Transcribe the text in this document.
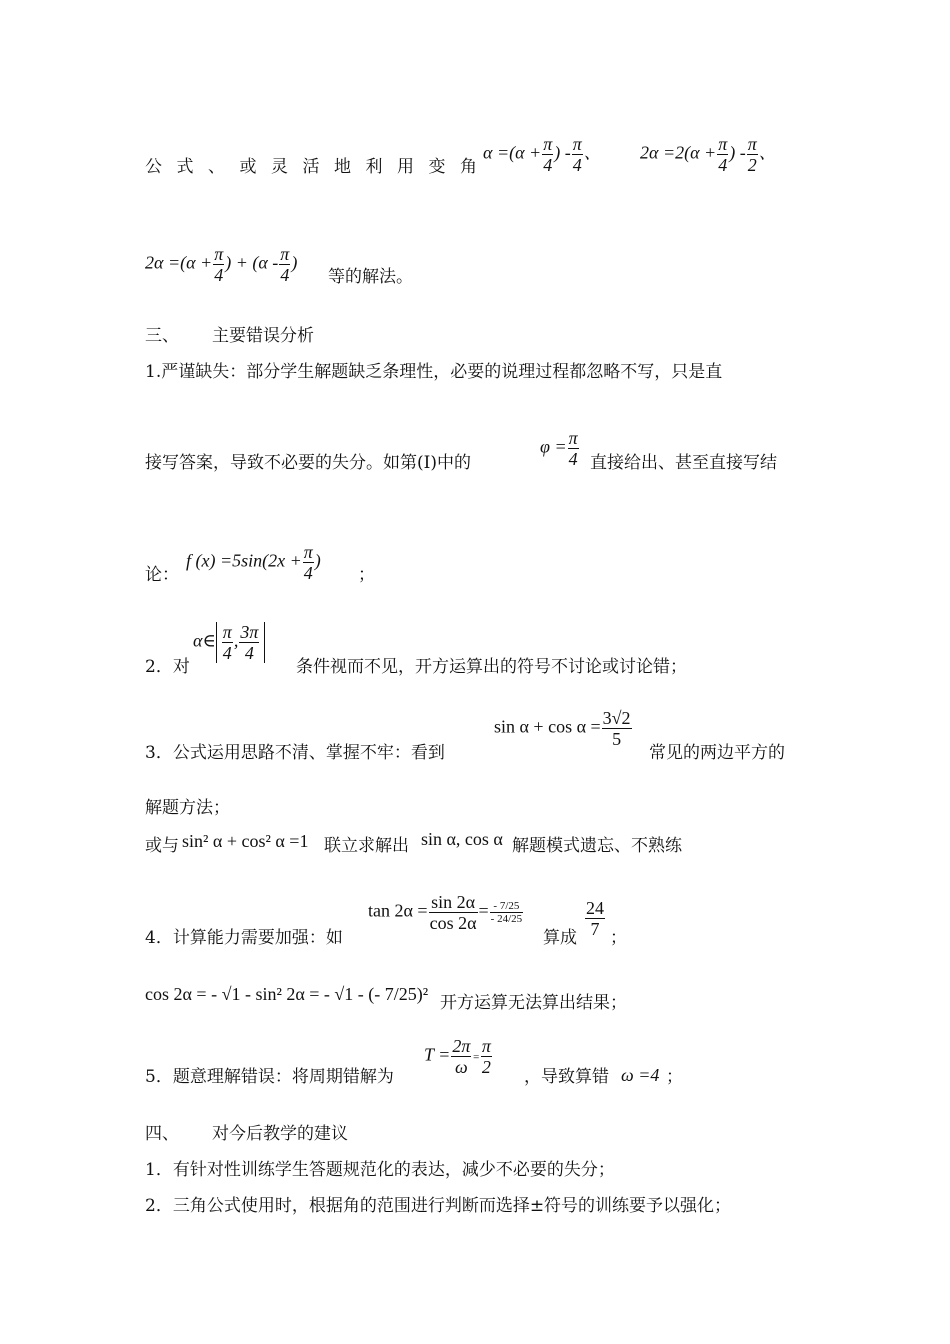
公式、或灵活地利用变角
$\alpha =(\alpha + \frac{\pi}{4}$ ) - $\frac{\pi}{4}$ 、 $2\alpha =2(\alpha + \frac{\pi}{4}$ ) - $\frac{\pi}{2}$ 、
$2\alpha =(\alpha + \frac{\pi}{4}$ ) + ($\alpha - \frac{\pi}{4}$ )
等的解法。
三、 主要错误分析
1.严谨缺失：部分学生解题缺乏条理性，必要的说理过程都忽略不写，只是直
接写答案，导致不必要的失分。如第(Ⅰ)中的
$\varphi = \frac{\pi}{4}$ 直接给出、甚至直接写结
论：
f $(x) =5\sin(2x + \frac{\pi}{4}$ )
；
2．对
α∈ $\frac{\pi}{4}$ , $\frac{3\pi}{4}$
条件视而不见，开方运算出的符号不讨论或讨论错；
3．公式运用思路不清、掌握不牢：看到
$\sin \alpha + \cos \alpha = \frac{3√2}{5}$
常见的两边平方的
解题方法；
或与 sin² α + cos² α =1 联立求解出 sin α, cos α 解题模式遗忘、不熟练
4．计算能力需要加强：如
$\tan 2\alpha = \frac{\sin 2\alpha}{\cos 2\alpha} = \frac{- 7/25}{- 24/25}$
算成 $\frac{24}{7}$ ；
cos 2α = - √1 - sin² 2α = - √1 - (- 7/25)² 开方运算无法算出结果；
5．题意理解错误：将周期错解为
$T = \frac{2\pi}{\omega} = \frac{\pi}{2}$ ，导致算错 ω =4 ；
四、 对今后教学的建议
1．有针对性训练学生答题规范化的表达，减少不必要的失分；
2．三角公式使用时，根据角的范围进行判断而选择±符号的训练要予以强化；
